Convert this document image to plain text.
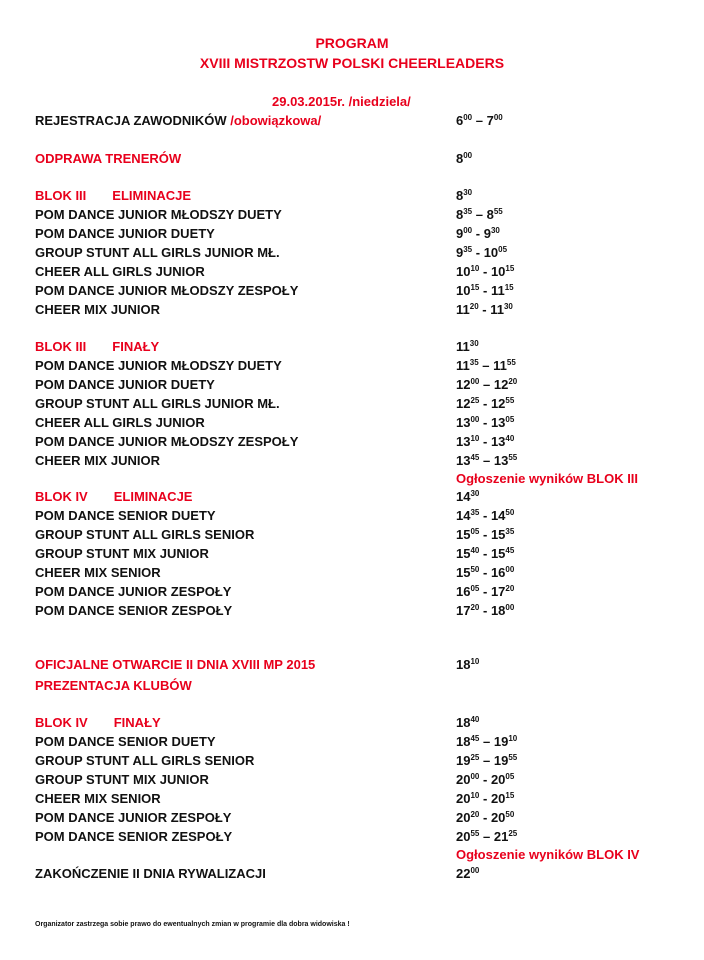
PROGRAM
XVIII MISTRZOSTW POLSKI CHEERLEADERS
29.03.2015r. /niedziela/
REJESTRACJA ZAWODNIKÓW /obowiązkowa/	$6^{00} - 7^{00}$
ODPRAWA TRENERÓW	$8^{00}$
BLOK III ELIMINACJE	$8^{30}$
POM DANCE JUNIOR MŁODSZY DUETY	$8^{35} - 8^{55}$
POM DANCE JUNIOR DUETY	$9^{00} - 9^{30}$
GROUP STUNT ALL GIRLS JUNIOR MŁ.	$9^{35} - 10^{05}$
CHEER ALL GIRLS JUNIOR	$10^{10} - 10^{15}$
POM DANCE JUNIOR MŁODSZY ZESPOŁY	$10^{15} - 11^{15}$
CHEER MIX JUNIOR	$11^{20} - 11^{30}$
BLOK III FINAŁY	$11^{30}$
POM DANCE JUNIOR MŁODSZY DUETY	$11^{35} - 11^{55}$
POM DANCE JUNIOR DUETY	$12^{00} - 12^{20}$
GROUP STUNT ALL GIRLS JUNIOR MŁ.	$12^{25} - 12^{55}$
CHEER ALL GIRLS JUNIOR	$13^{00} - 13^{05}$
POM DANCE JUNIOR MŁODSZY ZESPOŁY	$13^{10} - 13^{40}$
CHEER MIX JUNIOR	$13^{45} - 13^{55}$
BLOK IV ELIMINACJE	$14^{30}$
POM DANCE SENIOR DUETY	$14^{35} - 14^{50}$
GROUP STUNT ALL GIRLS SENIOR	$15^{05} - 15^{35}$
GROUP STUNT MIX JUNIOR	$15^{40} - 15^{45}$
CHEER MIX SENIOR	$15^{50} - 16^{00}$
POM DANCE JUNIOR ZESPOŁY	$16^{05} - 17^{20}$
POM DANCE SENIOR ZESPOŁY	$17^{20} - 18^{00}$
OFICJALNE OTWARCIE II DNIA XVIII MP 2015	$18^{10}$
PREZENTACJA KLUBÓW
BLOK IV FINAŁY	$18^{40}$
POM DANCE SENIOR DUETY	$18^{45} - 19^{10}$
GROUP STUNT ALL GIRLS SENIOR	$19^{25} - 19^{55}$
GROUP STUNT MIX JUNIOR	$20^{00} - 20^{05}$
CHEER MIX SENIOR	$20^{10} - 20^{15}$
POM DANCE JUNIOR ZESPOŁY	$20^{20} - 20^{50}$
POM DANCE SENIOR ZESPOŁY	$20^{55} - 21^{25}$
ZAKOŃCZENIE II DNIA RYWALIZACJI	$22^{00}$
Ogłoszenie wyników BLOK III
Ogłoszenie wyników BLOK IV
Organizator zastrzega sobie prawo do ewentualnych zmian w programie dla dobra widowiska !
